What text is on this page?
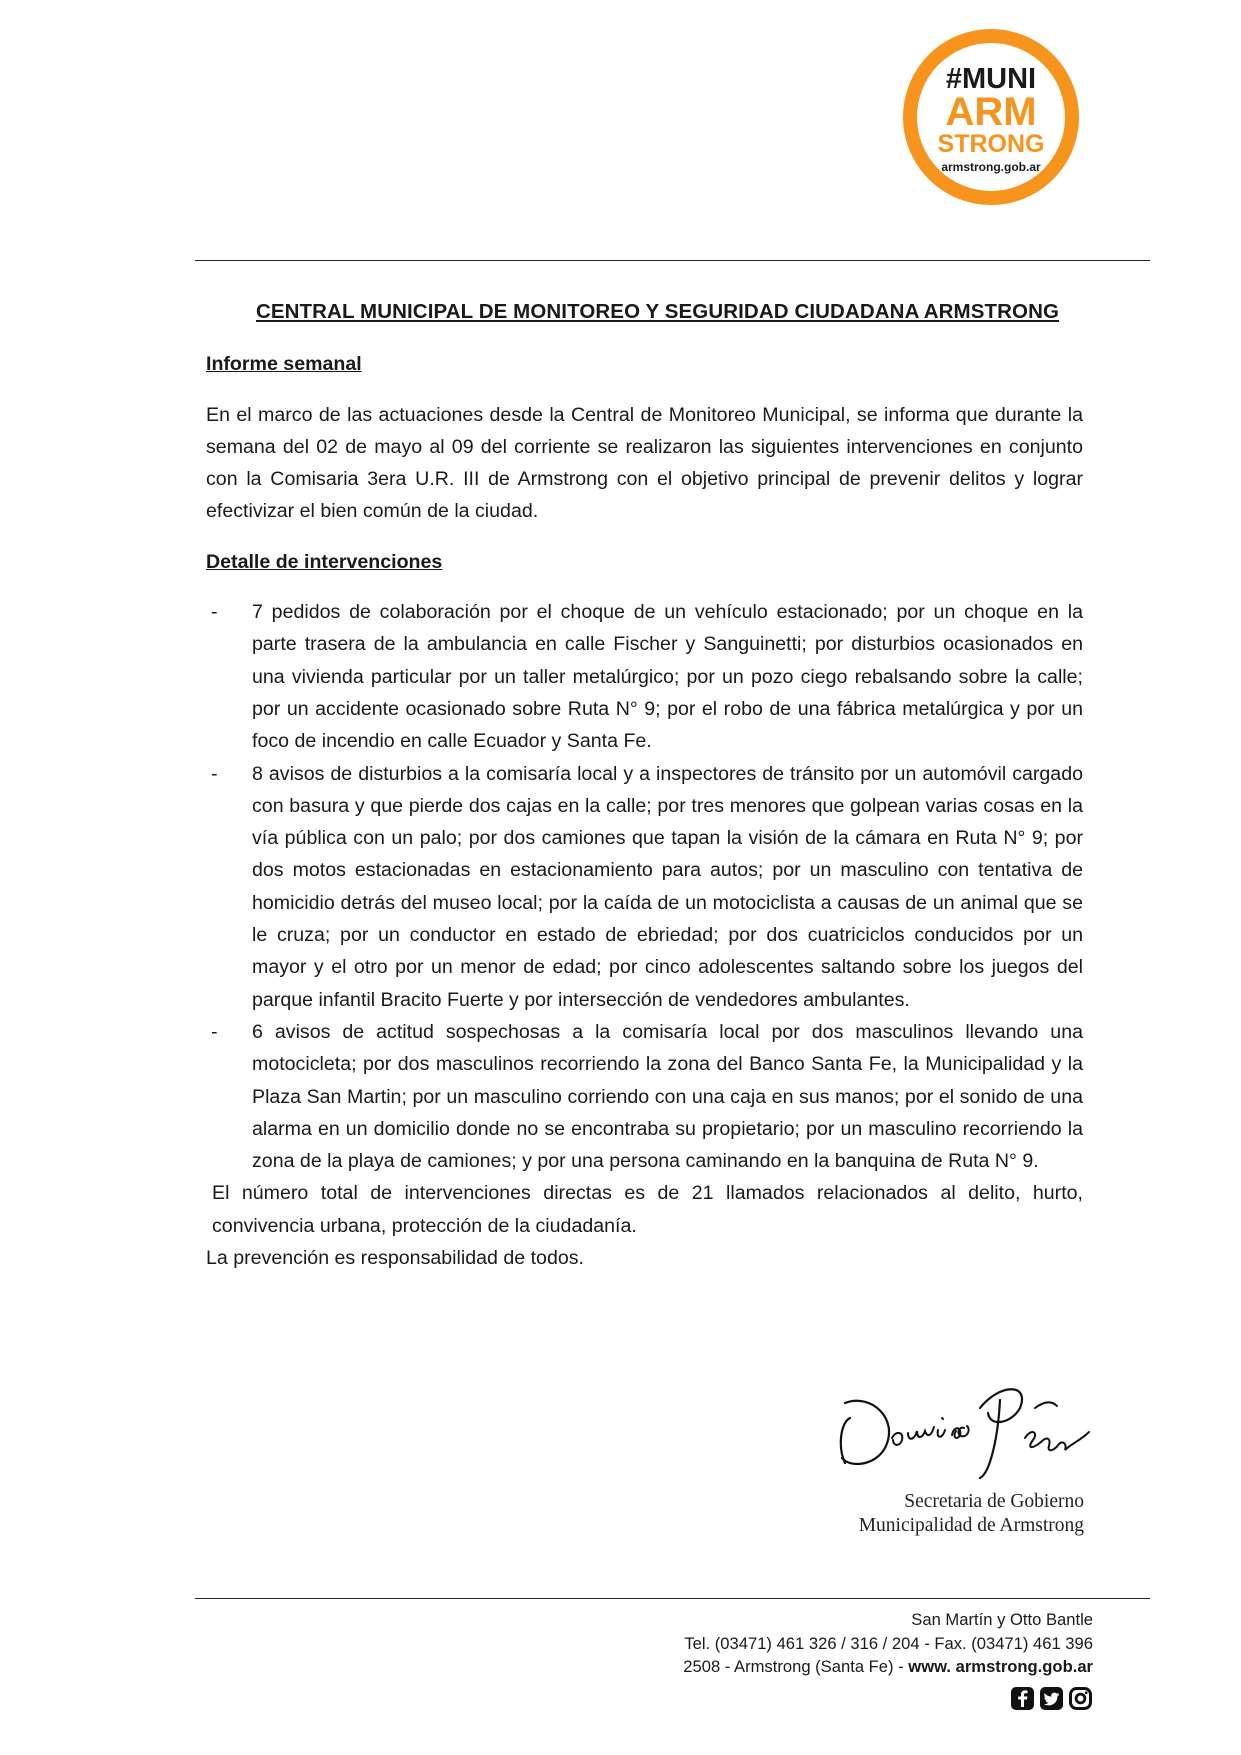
#MUNI
ARM
STRONG
armstrong.gob.ar
CENTRAL MUNICIPAL DE MONITOREO Y SEGURIDAD CIUDADANA ARMSTRONG
Informe semanal
En el marco de las actuaciones desde la Central de Monitoreo Municipal, se informa que durante la semana del 02 de mayo al 09 del corriente se realizaron las siguientes intervenciones en conjunto con la Comisaria 3era U.R. III de Armstrong con el objetivo principal de prevenir delitos y lograr efectivizar el bien común de la ciudad.
Detalle de intervenciones
- 7 pedidos de colaboración por el choque de un vehículo estacionado; por un choque en la parte trasera de la ambulancia en calle Fischer y Sanguinetti; por disturbios ocasionados en una vivienda particular por un taller metalúrgico; por un pozo ciego rebalsando sobre la calle; por un accidente ocasionado sobre Ruta N° 9; por el robo de una fábrica metalúrgica y por un foco de incendio en calle Ecuador y Santa Fe.
- 8 avisos de disturbios a la comisaría local y a inspectores de tránsito por un automóvil cargado con basura y que pierde dos cajas en la calle; por tres menores que golpean varias cosas en la vía pública con un palo; por dos camiones que tapan la visión de la cámara en Ruta N° 9; por dos motos estacionadas en estacionamiento para autos; por un masculino con tentativa de homicidio detrás del museo local; por la caída de un motociclista a causas de un animal que se le cruza; por un conductor en estado de ebriedad; por dos cuatriciclos conducidos por un mayor y el otro por un menor de edad; por cinco adolescentes saltando sobre los juegos del parque infantil Bracito Fuerte y por intersección de vendedores ambulantes.
- 6 avisos de actitud sospechosas a la comisaría local por dos masculinos llevando una motocicleta; por dos masculinos recorriendo la zona del Banco Santa Fe, la Municipalidad y la Plaza San Martin; por un masculino corriendo con una caja en sus manos; por el sonido de una alarma en un domicilio donde no se encontraba su propietario; por un masculino recorriendo la zona de la playa de camiones; y por una persona caminando en la banquina de Ruta N° 9.
El número total de intervenciones directas es de 21 llamados relacionados al delito, hurto, convivencia urbana, protección de la ciudadanía.
La prevención es responsabilidad de todos.
Secretaria de Gobierno
Municipalidad de Armstrong
San Martín y Otto Bantle
Tel. (03471) 461 326 / 316 / 204 - Fax. (03471) 461 396
2508 - Armstrong (Santa Fe) - www. armstrong.gob.ar
